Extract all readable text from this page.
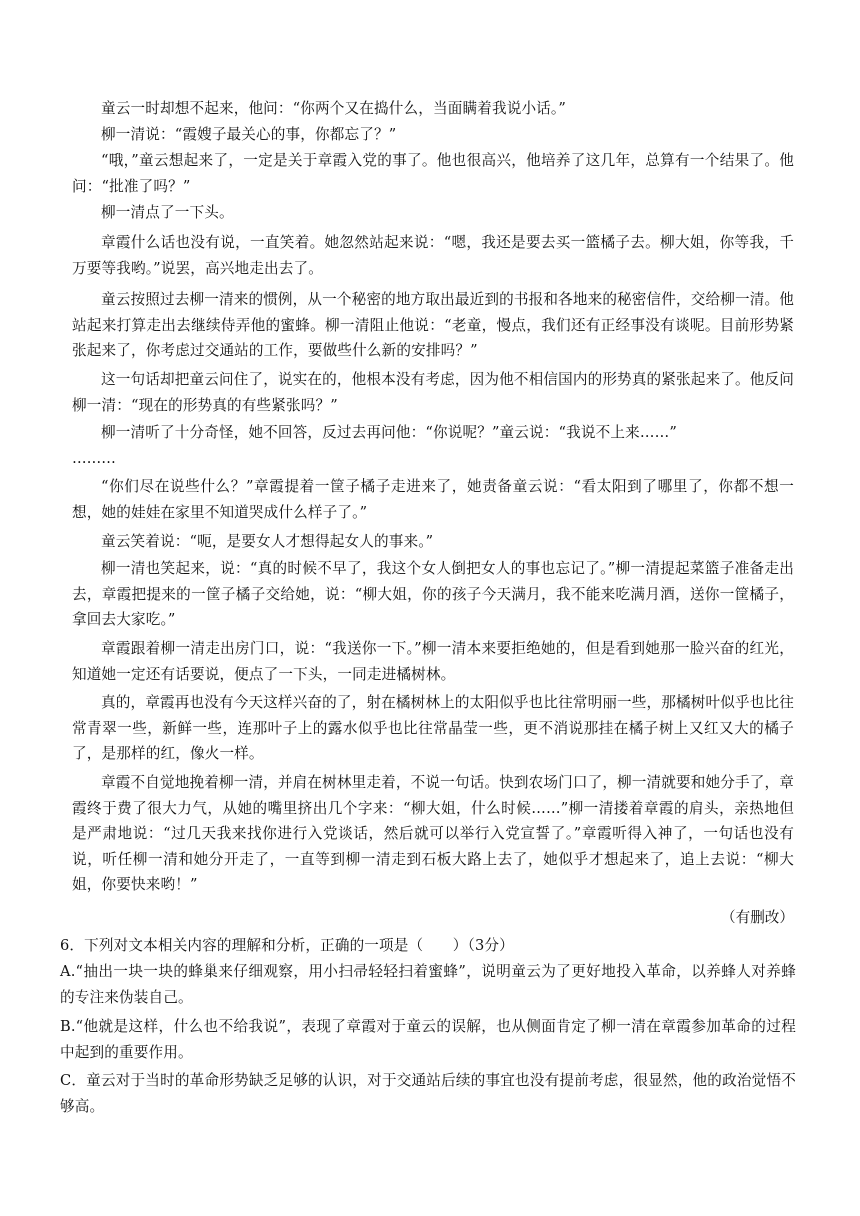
童云一时却想不起来，他问：“你两个又在捣什么，当面瞒着我说小话。”

柳一清说：“霞嫂子最关心的事，你都忘了？”

“哦，”童云想起来了，一定是关于章霞入党的事了。他也很高兴，他培养了这几年，总算有一个结果了。他问：“批准了吗？”

柳一清点了一下头。

章霞什么话也没有说，一直笑着。她忽然站起来说：“嗯，我还是要去买一篮橘子去。柳大姐，你等我，千万要等我哟。”说罢，高兴地走出去了。

童云按照过去柳一清来的惯例，从一个秘密的地方取出最近到的书报和各地来的秘密信件，交给柳一清。他站起来打算走出去继续侍弄他的蜜蜂。柳一清阻止他说：“老童，慢点，我们还有正经事没有谈呢。目前形势紧张起来了，你考虑过交通站的工作，要做些什么新的安排吗？”

这一句话却把童云问住了，说实在的，他根本没有考虑，因为他不相信国内的形势真的紧张起来了。他反问柳一清：“现在的形势真的有些紧张吗？”

柳一清听了十分奇怪，她不回答，反过去再问他：“你说呢？”童云说：“我说不上来……”

………

“你们尽在说些什么？”章霞提着一筐子橘子走进来了，她责备童云说：“看太阳到了哪里了，你都不想一想，她的娃娃在家里不知道哭成什么样子了。”

童云笑着说：“呃，是要女人才想得起女人的事来。”

柳一清也笑起来，说：“真的时候不早了，我这个女人倒把女人的事也忘记了。”柳一清提起菜篮子准备走出去，章霞把提来的一筐子橘子交给她，说：“柳大姐，你的孩子今天满月，我不能来吃满月酒，送你一筐橘子，拿回去大家吃。”

章霞跟着柳一清走出房门口，说：“我送你一下。”柳一清本来要拒绝她的，但是看到她那一脸兴奋的红光，知道她一定还有话要说，便点了一下头，一同走进橘树林。

真的，章霞再也没有今天这样兴奋的了，射在橘树林上的太阳似乎也比往常明丽一些，那橘树叶似乎也比往常青翠一些，新鲜一些，连那叶子上的露水似乎也比往常晶莹一些，更不消说那挂在橘子树上又红又大的橘子了，是那样的红，像火一样。

章霞不自觉地挽着柳一清，并肩在树林里走着，不说一句话。快到农场门口了，柳一清就要和她分手了，章霞终于费了很大力气，从她的嘴里挤出几个字来：“柳大姐，什么时候……”柳一清搂着章霞的肩头，亲热地但是严肃地说：“过几天我来找你进行入党谈话，然后就可以举行入党宣誓了。”章霞听得入神了，一句话也没有说，听任柳一清和她分开走了，一直等到柳一清走到石板大路上去了，她似乎才想起来了，追上去说：“柳大姐，你要快来哟！”

（有删改）

6．下列对文本相关内容的理解和分析，正确的一项是（　　）（3分）

A.“抽出一块一块的蜂巢来仔细观察，用小扫帚轻轻扫着蜜蜂”，说明童云为了更好地投入革命，以养蜂人对养蜂的专注来伪装自己。

B.“他就是这样，什么也不给我说”，表现了章霞对于童云的误解，也从侧面肯定了柳一清在章霞参加革命的过程中起到的重要作用。

C．童云对于当时的革命形势缺乏足够的认识，对于交通站后续的事宜也没有提前考虑，很显然，他的政治觉悟不够高。
